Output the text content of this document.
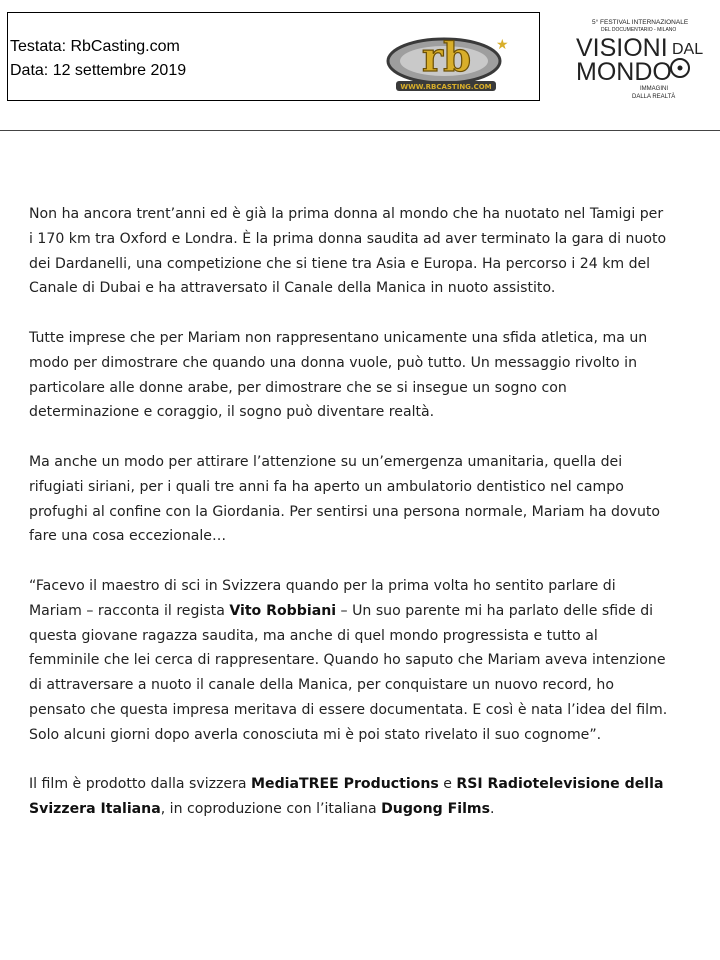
Testata: RbCasting.com
Data: 12 settembre 2019	rb ★
WWW.RBCASTING.COM
5° FESTIVAL INTERNAZIONALE
DEL DOCUMENTARIO - MILANO
VISIONI DAL
MONDO
IMMAGINI
DALLA REALTÀ

Non ha ancora trent’anni ed è già la prima donna al mondo che ha nuotato nel Tamigi per
i 170 km tra Oxford e Londra. È la prima donna saudita ad aver terminato la gara di nuoto
dei Dardanelli, una competizione che si tiene tra Asia e Europa. Ha percorso i 24 km del
Canale di Dubai e ha attraversato il Canale della Manica in nuoto assistito.

Tutte imprese che per Mariam non rappresentano unicamente una sfida atletica, ma un
modo per dimostrare che quando una donna vuole, può tutto. Un messaggio rivolto in
particolare alle donne arabe, per dimostrare che se si insegue un sogno con
determinazione e coraggio, il sogno può diventare realtà.

Ma anche un modo per attirare l’attenzione su un’emergenza umanitaria, quella dei
rifugiati siriani, per i quali tre anni fa ha aperto un ambulatorio dentistico nel campo
profughi al confine con la Giordania. Per sentirsi una persona normale, Mariam ha dovuto
fare una cosa eccezionale…

“Facevo il maestro di sci in Svizzera quando per la prima volta ho sentito parlare di
Mariam – racconta il regista Vito Robbiani – Un suo parente mi ha parlato delle sfide di
questa giovane ragazza saudita, ma anche di quel mondo progressista e tutto al
femminile che lei cerca di rappresentare. Quando ho saputo che Mariam aveva intenzione
di attraversare a nuoto il canale della Manica, per conquistare un nuovo record, ho
pensato che questa impresa meritava di essere documentata. E così è nata l’idea del film.
Solo alcuni giorni dopo averla conosciuta mi è poi stato rivelato il suo cognome”.

Il film è prodotto dalla svizzera MediaTREE Productions e RSI Radiotelevisione della
Svizzera Italiana, in coproduzione con l’italiana Dugong Films.
